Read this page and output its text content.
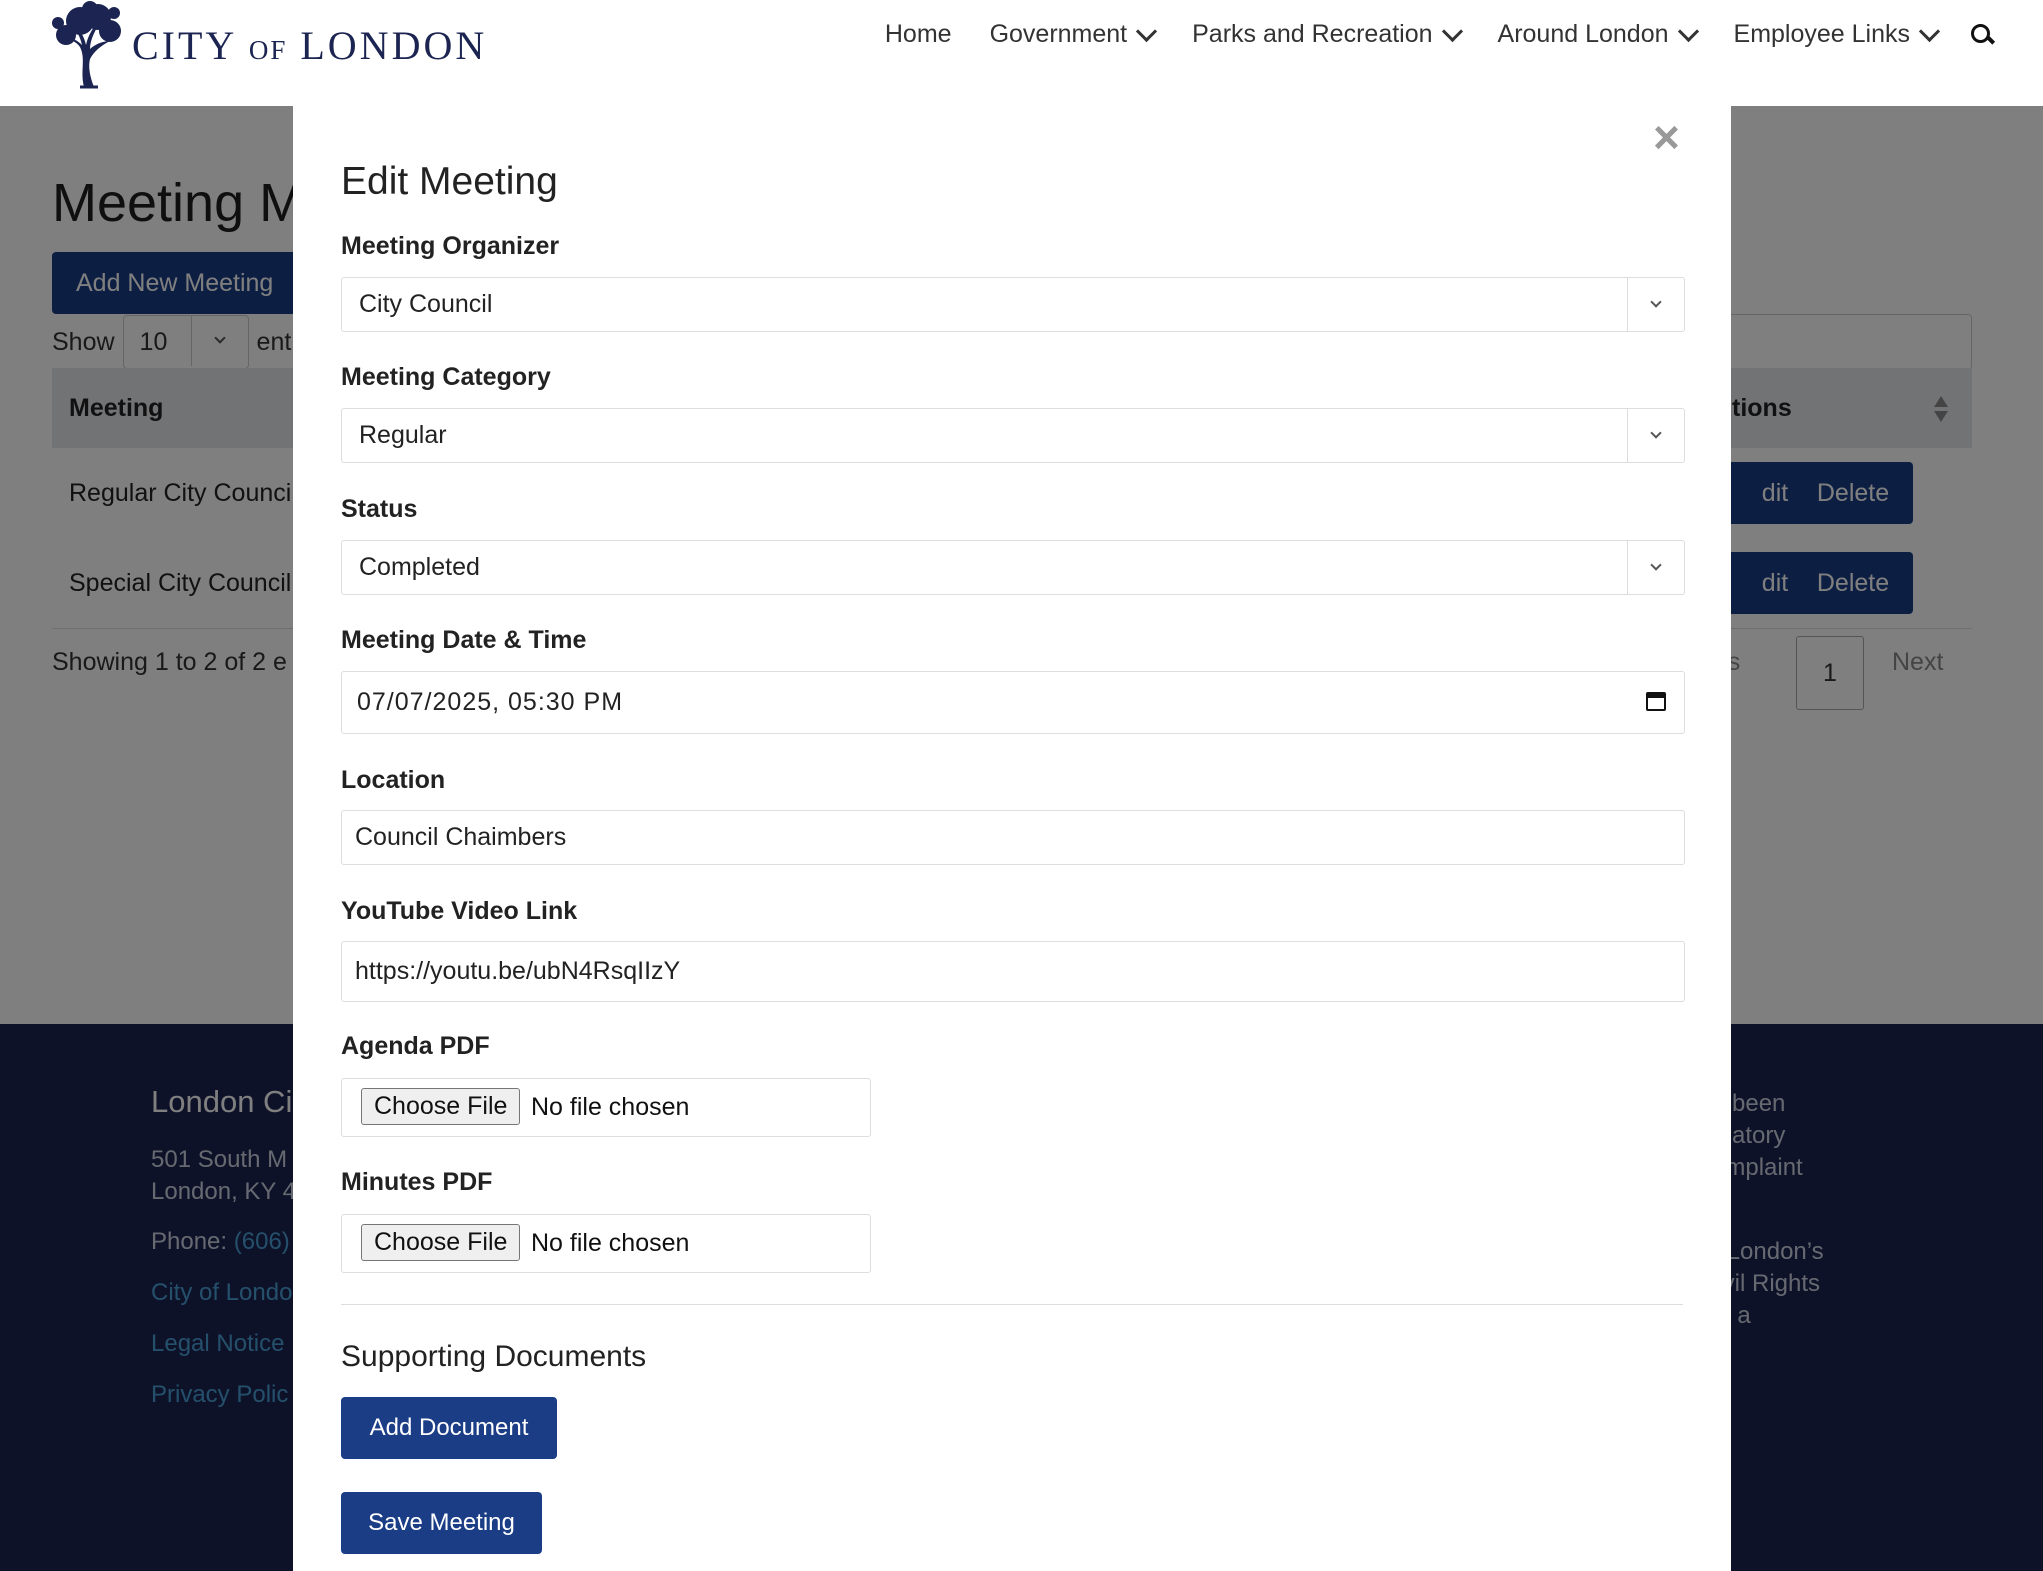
CITY OF LONDON	Home Government	Parks and Recreation	Around London	Employee Links
×
Edit Meeting
Meeting Organizer
City Council
Meeting Category
Regular
Status
Completed
Meeting Date & Time
07/07/2025, 05:30 PM
Location
Council Chaimbers
YouTube Video Link
https://youtu.be/ubN4RsqIIzY
Agenda PDF
Choose File No file chosen
Minutes PDF
Choose File No file chosen
Supporting Documents
Add Document
Save Meeting
